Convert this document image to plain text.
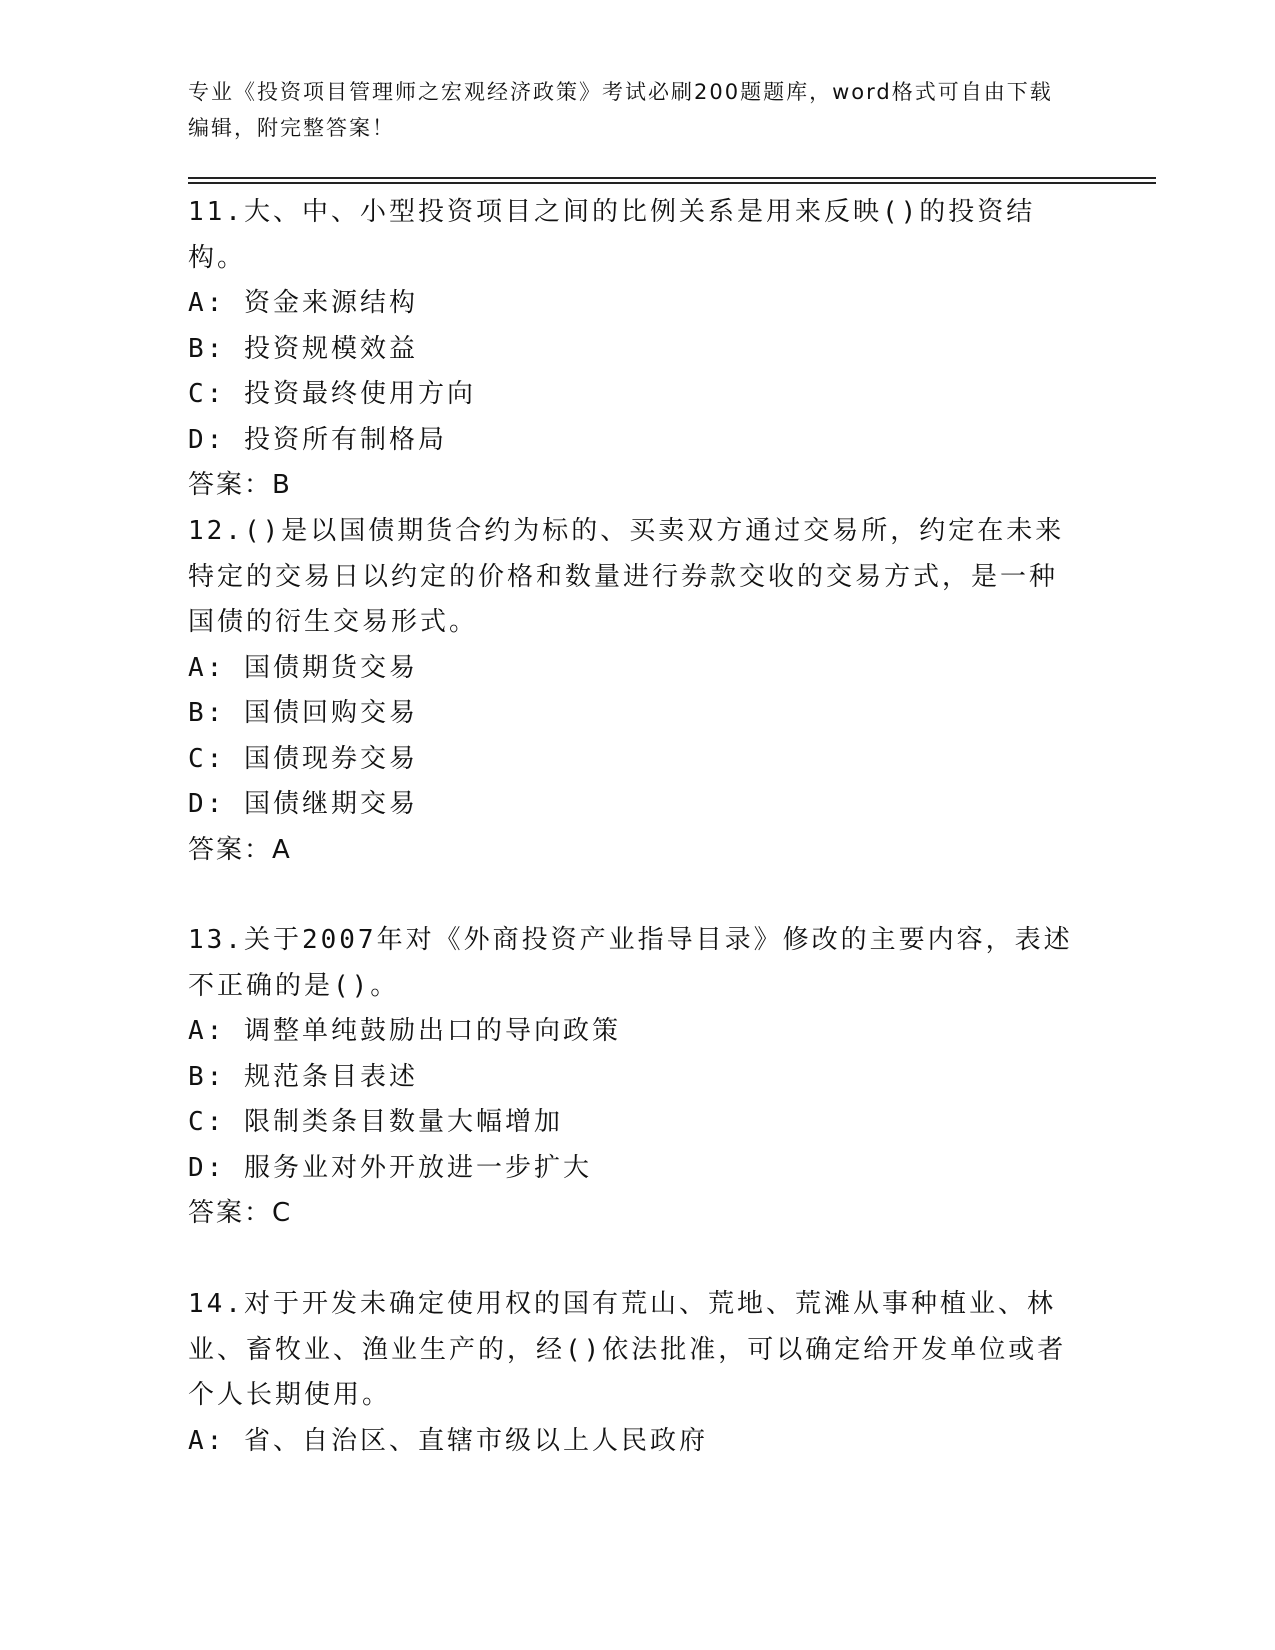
专业《投资项目管理师之宏观经济政策》考试必刷200题题库，word格式可自由下载编辑，附完整答案！

11.大、中、小型投资项目之间的比例关系是用来反映()的投资结构。

A: 资金来源结构

B: 投资规模效益

C: 投资最终使用方向

D: 投资所有制格局

答案：B

12.()是以国债期货合约为标的、买卖双方通过交易所，约定在未来特定的交易日以约定的价格和数量进行券款交收的交易方式，是一种国债的衍生交易形式。

A: 国债期货交易

B: 国债回购交易

C: 国债现券交易

D: 国债继期交易

答案：A

13.关于2007年对《外商投资产业指导目录》修改的主要内容，表述不正确的是()。

A: 调整单纯鼓励出口的导向政策

B: 规范条目表述

C: 限制类条目数量大幅增加

D: 服务业对外开放进一步扩大

答案：C

14.对于开发未确定使用权的国有荒山、荒地、荒滩从事种植业、林业、畜牧业、渔业生产的，经()依法批准，可以确定给开发单位或者个人长期使用。

A: 省、自治区、直辖市级以上人民政府
